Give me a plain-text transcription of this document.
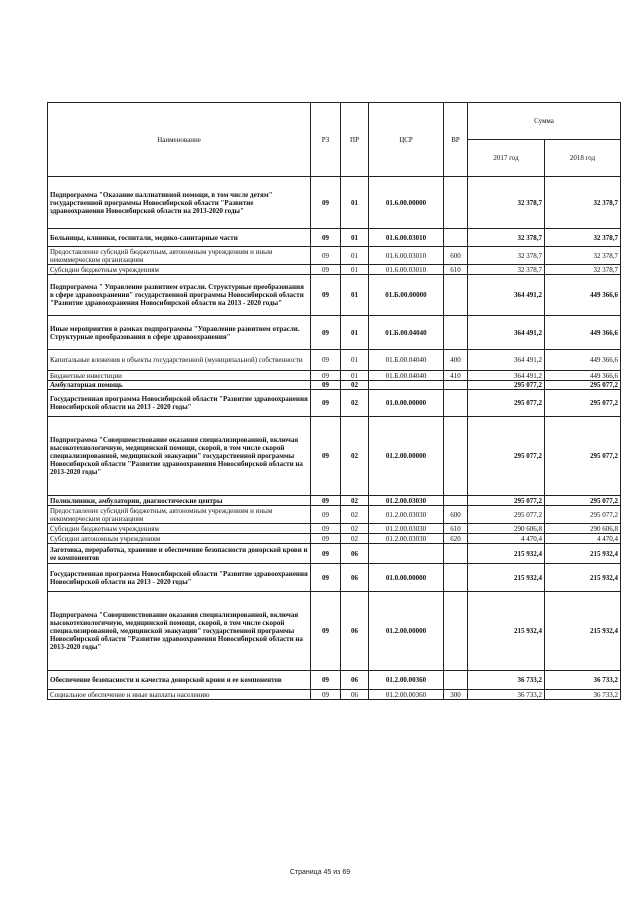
Наименование	РЗ	ПР	ЦСР	ВР	Сумма	
					2017 год	2018 год
Подпрограмма "Оказание паллиативной помощи, в том числе детям" государственной программы Новосибирской области "Развитие здравоохранения Новосибирской области на 2013-2020 годы"	09	01	01.6.00.00000		32 378,7	32 378,7
Больницы, клиники, госпитали, медико-санитарные части	09	01	01.6.00.03010		32 378,7	32 378,7
Предоставление субсидий бюджетным, автономным учреждениям и иным некоммерческим организациям	09	01	01.6.00.03010	600	32 378,7	32 378,7
Субсидии бюджетным учреждениям	09	01	01.6.00.03010	610	32 378,7	32 378,7
Подпрограмма " Управление развитием отрасли. Структурные преобразования в сфере здравоохранения" государственной программы Новосибирской области "Развитие здравоохранения Новосибирской области на 2013 - 2020 годы"	09	01	01.Б.00.00000		364 491,2	449 366,6
Иные мероприятия в рамках подпрограммы "Управление развитием отрасли. Структурные преобразования в сфере здравоохранения"	09	01	01.Б.00.04040		364 491,2	449 366,6
Капитальные вложения в объекты государственной (муниципальной) собственности	09	01	01.Б.00.04040	400	364 491,2	449 366,6
Бюджетные инвестиции	09	01	01.Б.00.04040	410	364 491,2	449 366,6
Амбулаторная помощь	09	02			295 077,2	295 077,2
Государственная программа Новосибирской области "Развитие здравоохранения Новосибирской области на 2013 - 2020 годы"	09	02	01.0.00.00000		295 077,2	295 077,2
Подпрограмма "Совершенствование оказания специализированной, включая высокотехнологичную, медицинской помощи, скорой, в том числе скорой специализированной, медицинской эвакуации" государственной программы Новосибирской области "Развитие здравоохранения Новосибирской области на 2013-2020 годы"	09	02	01.2.00.00000		295 077,2	295 077,2
Поликлиники, амбулатории, диагностические центры	09	02	01.2.00.03030		295 077,2	295 077,2
Предоставление субсидий бюджетным, автономным учреждениям и иным некоммерческим организациям	09	02	01.2.00.03030	600	295 077,2	295 077,2
Субсидии бюджетным учреждениям	09	02	01.2.00.03030	610	290 606,8	290 606,8
Субсидии автономным учреждениям	09	02	01.2.00.03030	620	4 470,4	4 470,4
Заготовка, переработка, хранение и обеспечение безопасности донорской крови и ее компонентов	09	06			215 932,4	215 932,4
Государственная программа Новосибирской области "Развитие здравоохранения Новосибирской области на 2013 - 2020 годы"	09	06	01.0.00.00000		215 932,4	215 932,4
Подпрограмма "Совершенствование оказания специализированной, включая высокотехнологичную, медицинской помощи, скорой, в том числе скорой специализированной, медицинской эвакуации" государственной программы Новосибирской области "Развитие здравоохранения Новосибирской области на 2013-2020 годы"	09	06	01.2.00.00000		215 932,4	215 932,4
Обеспечение безопасности и качества донорской крови и ее компонентов	09	06	01.2.00.00360		36 733,2	36 733,2
Социальное обеспечение и иные выплаты населению	09	06	01.2.00.00360	300	36 733,2	36 733,2
Страница 45 из 69
